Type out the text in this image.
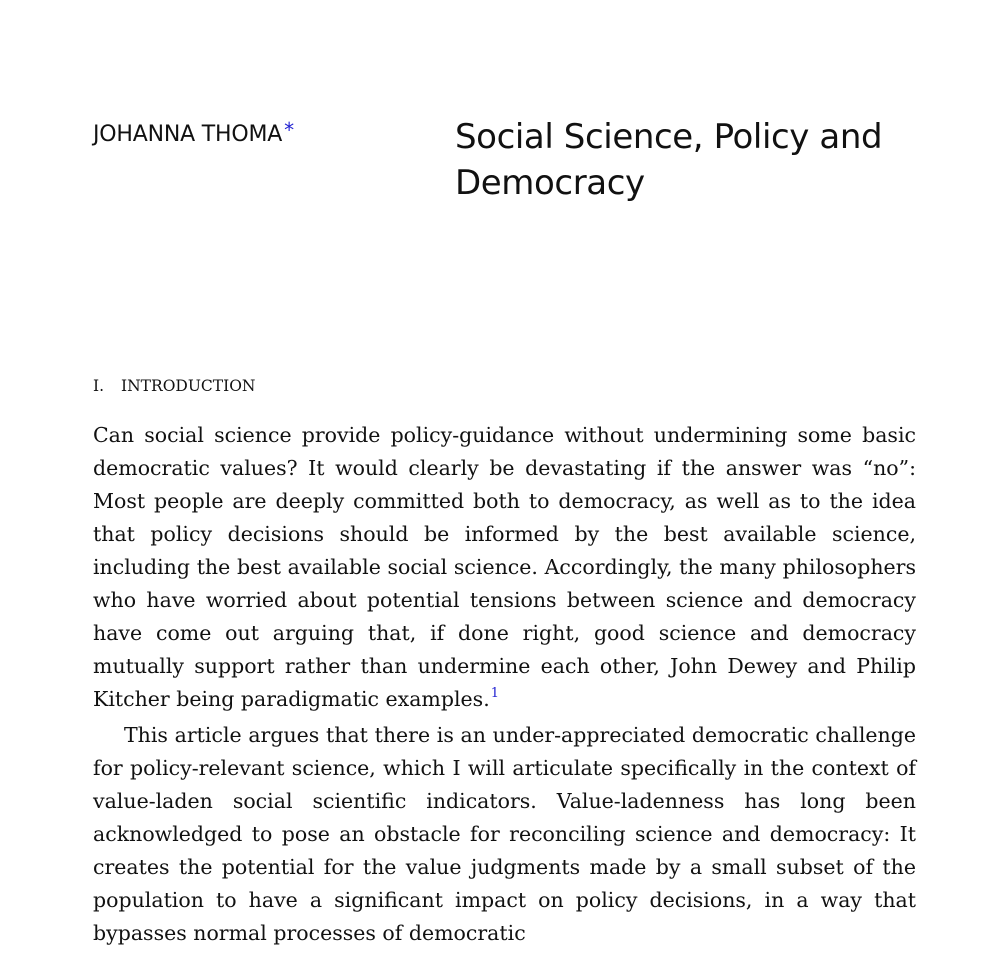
JOHANNA THOMA *	Social Science, Policy and Democracy
I. INTRODUCTION

Can social science provide policy-guidance without undermining some basic democratic values? It would clearly be devastating if the answer was “no”: Most people are deeply committed both to democracy, as well as to the idea that policy decisions should be informed by the best available science, including the best available social science. Accordingly, the many philosophers who have worried about potential tensions between science and democracy have come out arguing that, if done right, good science and democracy mutually support rather than undermine each other, John Dewey and Philip Kitcher being paradigmatic examples.$^1$

This article argues that there is an under-appreciated democratic challenge for policy-relevant science, which I will articulate specifically in the context of value-laden social scientific indicators. Value-ladenness has long been acknowledged to pose an obstacle for reconciling science and democracy: It creates the potential for the value judgments made by a small subset of the population to have a significant impact on policy decisions, in a way that bypasses normal processes of democratic
